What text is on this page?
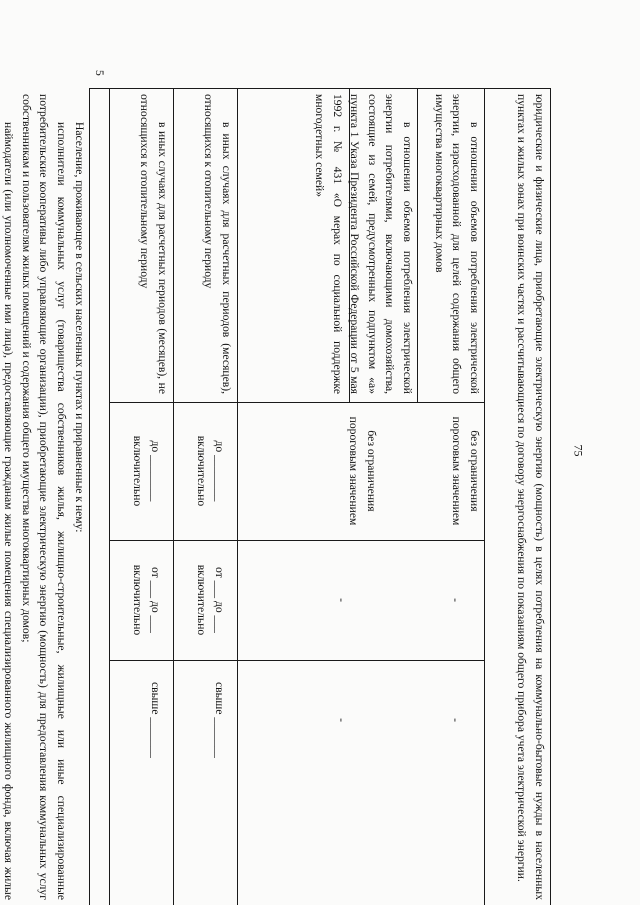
75
юридические и физические лица, приобретающие электрическую энергию (мощность) в целях потребления на коммунально-бытовые нужды в населенных пунктах и жилых зонах при воинских частях и рассчитывающиеся по договору энергоснабжения по показаниям общего прибора учета электрической энергии.
в отношении объемов потребления электрической энергии, израсходованной для целей содержания общего имущества многоквартирных домов
без ограничения пороговым значением
-
-
в отношении объемов потребления электрической энергии потребителями, включающими домохозяйства, состоящие из семей, предусмотренных подпунктом «а» пункта 1 Указа Президента Российской Федерации от 5 мая 1992 г. № 431 «О мерах по социальной поддержке многодетных семей»
без ограничения пороговым значением
-
-
в иных случаях для расчетных периодов (месяцев), относящихся к отопительному периоду
до ________
включительно
от ___ до ___
включительно
свыше _______
в иных случаях для расчетных периодов (месяцев), не относящихся к отопительному периоду
до ________
включительно
от ___ до ___
включительно
свыше _______
5
Население, проживающее в сельских населенных пунктах и приравненные к нему:
исполнители коммунальных услуг (товарищества собственников жилья, жилищно-строительные, жилищные или иные специализированные потребительские кооперативы либо управляющие организации), приобретающие электрическую энергию (мощность) для предоставления коммунальных услуг собственникам и пользователям жилых помещений и содержания общего имущества многоквартирных домов;
наймодатели (или уполномоченные ими лица), предоставляющие гражданам жилые помещения специализированного жилищного фонда, включая жилые
